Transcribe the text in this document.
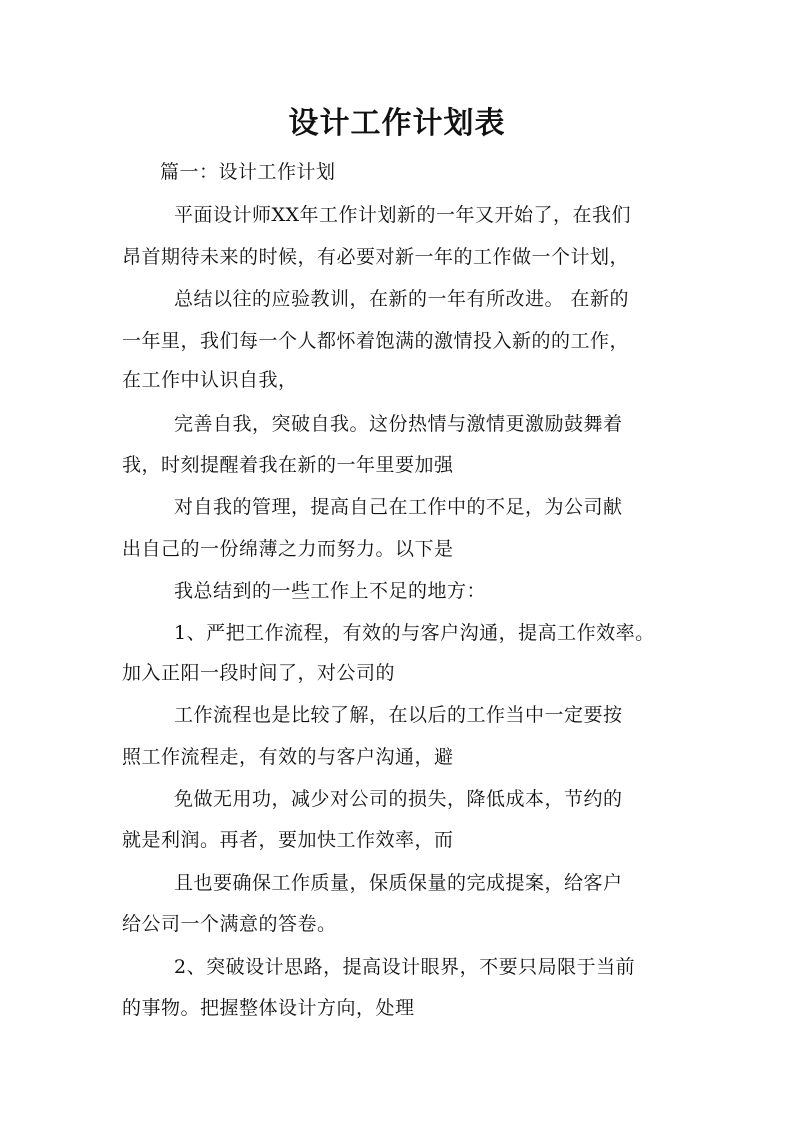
设计工作计划表
篇一：设计工作计划
平面设计师XX年工作计划新的一年又开始了，在我们
昂首期待未来的时候，有必要对新一年的工作做一个计划，
总结以往的应验教训，在新的一年有所改进。 在新的
一年里，我们每一个人都怀着饱满的激情投入新的的工作，
在工作中认识自我，
完善自我，突破自我。这份热情与激情更激励鼓舞着
我，时刻提醒着我在新的一年里要加强
对自我的管理，提高自己在工作中的不足，为公司献
出自己的一份绵薄之力而努力。以下是
我总结到的一些工作上不足的地方：
1、严把工作流程，有效的与客户沟通，提高工作效率。
加入正阳一段时间了，对公司的
工作流程也是比较了解，在以后的工作当中一定要按
照工作流程走，有效的与客户沟通，避
免做无用功，减少对公司的损失，降低成本，节约的
就是利润。再者，要加快工作效率，而
且也要确保工作质量，保质保量的完成提案，给客户
给公司一个满意的答卷。
2、突破设计思路，提高设计眼界，不要只局限于当前
的事物。把握整体设计方向，处理
